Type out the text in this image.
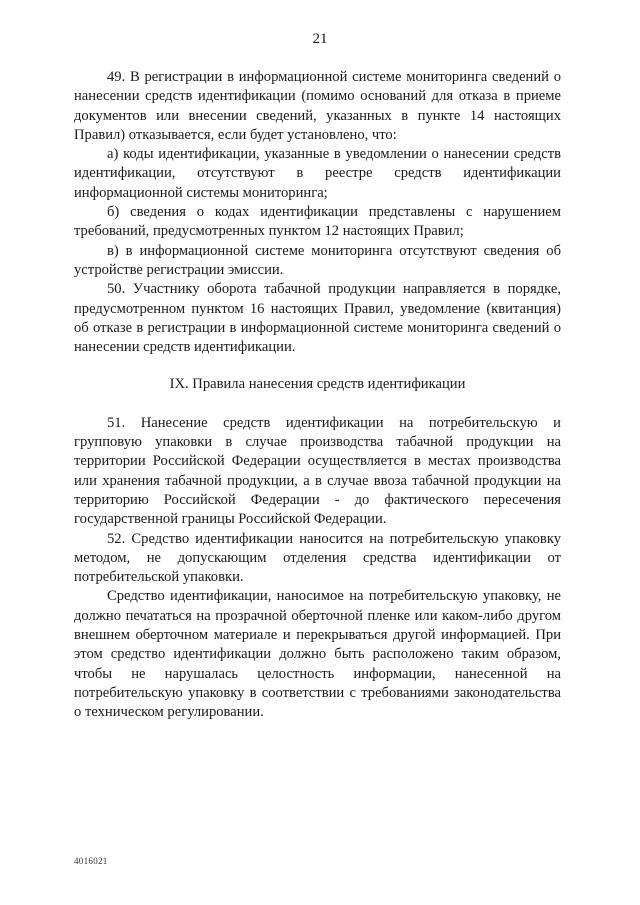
21

49. В регистрации в информационной системе мониторинга сведений о нанесении средств идентификации (помимо оснований для отказа в приеме документов или внесении сведений, указанных в пункте 14 настоящих Правил) отказывается, если будет установлено, что:

а) коды идентификации, указанные в уведомлении о нанесении средств идентификации, отсутствуют в реестре средств идентификации информационной системы мониторинга;

б) сведения о кодах идентификации представлены с нарушением требований, предусмотренных пунктом 12 настоящих Правил;

в) в информационной системе мониторинга отсутствуют сведения об устройстве регистрации эмиссии.

50. Участнику оборота табачной продукции направляется в порядке, предусмотренном пунктом 16 настоящих Правил, уведомление (квитанция) об отказе в регистрации в информационной системе мониторинга сведений о нанесении средств идентификации.

IX. Правила нанесения средств идентификации

51. Нанесение средств идентификации на потребительскую и групповую упаковки в случае производства табачной продукции на территории Российской Федерации осуществляется в местах производства или хранения табачной продукции, а в случае ввоза табачной продукции на территорию Российской Федерации - до фактического пересечения государственной границы Российской Федерации.

52. Средство идентификации наносится на потребительскую упаковку методом, не допускающим отделения средства идентификации от потребительской упаковки.

Средство идентификации, наносимое на потребительскую упаковку, не должно печататься на прозрачной оберточной пленке или каком-либо другом внешнем оберточном материале и перекрываться другой информацией. При этом средство идентификации должно быть расположено таким образом, чтобы не нарушалась целостность информации, нанесенной на потребительскую упаковку в соответствии с требованиями законодательства о техническом регулировании.

4016021
